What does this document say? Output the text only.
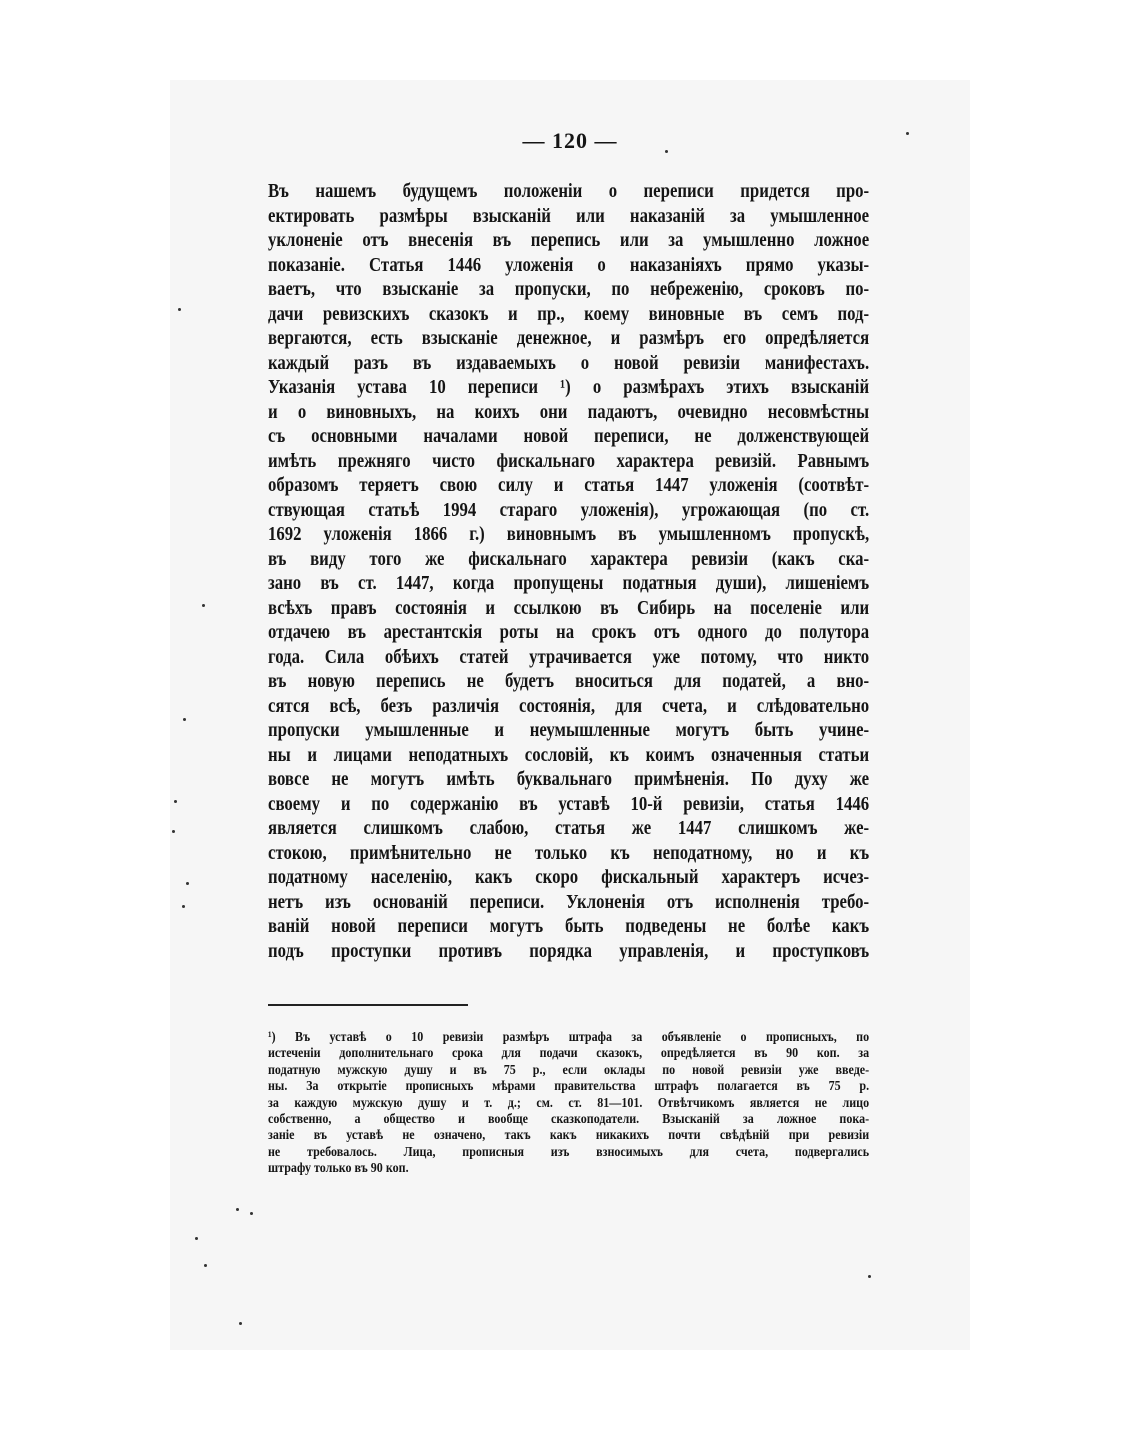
— 120 —
Въ нашемъ будущемъ положеніи о переписи придется про-
ектировать размѣры взысканій или наказаній за умышленное
уклоненіе отъ внесенія въ перепись или за умышленно ложное
показаніе. Статья 1446 уложенія о наказаніяхъ прямо указы-
ваетъ, что взысканіе за пропуски, по небреженію, сроковъ по-
дачи ревизскихъ сказокъ и пр., коему виновные въ семъ под-
вергаются, есть взысканіе денежное, и размѣръ его опредѣляется
каждый разъ въ издаваемыхъ о новой ревизіи манифестахъ.
Указанія устава 10 переписи ¹) о размѣрахъ этихъ взысканій
и о виновныхъ, на коихъ они падаютъ, очевидно несовмѣстны
съ основными началами новой переписи, не долженствующей
имѣть прежняго чисто фискальнаго характера ревизій. Равнымъ
образомъ теряетъ свою силу и статья 1447 уложенія (соотвѣт-
ствующая статьѣ 1994 стараго уложенія), угрожающая (по ст.
1692 уложенія 1866 г.) виновнымъ въ умышленномъ пропускѣ,
въ виду того же фискальнаго характера ревизіи (какъ ска-
зано въ ст. 1447, когда пропущены податныя души), лишеніемъ
всѣхъ правъ состоянія и ссылкою въ Сибирь на поселеніе или
отдачею въ арестантскія роты на срокъ отъ одного до полутора
года. Сила обѣихъ статей утрачивается уже потому, что никто
въ новую перепись не будетъ вноситься для податей, а вно-
сятся всѣ, безъ различія состоянія, для счета, и слѣдовательно
пропуски умышленные и неумышленные могутъ быть учине-
ны и лицами неподатныхъ сословій, къ коимъ означенныя статьи
вовсе не могутъ имѣть буквальнаго примѣненія. По духу же
своему и по содержанію въ уставѣ 10-й ревизіи, статья 1446
является слишкомъ слабою, статья же 1447 слишкомъ же-
стокою, примѣнительно не только къ неподатному, но и къ
податному населенію, какъ скоро фискальный характеръ исчез-
нетъ изъ основаній переписи. Уклоненія отъ исполненія требо-
ваній новой переписи могутъ быть подведены не болѣе какъ
подъ проступки противъ порядка управленія, и проступковъ
¹) Въ уставѣ о 10 ревизіи размѣръ штрафа за объявленіе о прописныхъ, по
истеченіи дополнительнаго срока для подачи сказокъ, опредѣляется въ 90 коп. за
податную мужскую душу и въ 75 р., если оклады по новой ревизіи уже введе-
ны. За открытіе прописныхъ мѣрами правительства штрафъ полагается въ 75 р.
за каждую мужскую душу и т. д.; см. ст. 81—101. Отвѣтчикомъ является не лицо
собственно, а общество и вообще сказкоподатели. Взысканій за ложное пока-
заніе въ уставѣ не означено, такъ какъ никакихъ почти свѣдѣній при ревизіи
не требовалось. Лица, прописныя изъ взносимыхъ для счета, подвергались
штрафу только въ 90 коп.
